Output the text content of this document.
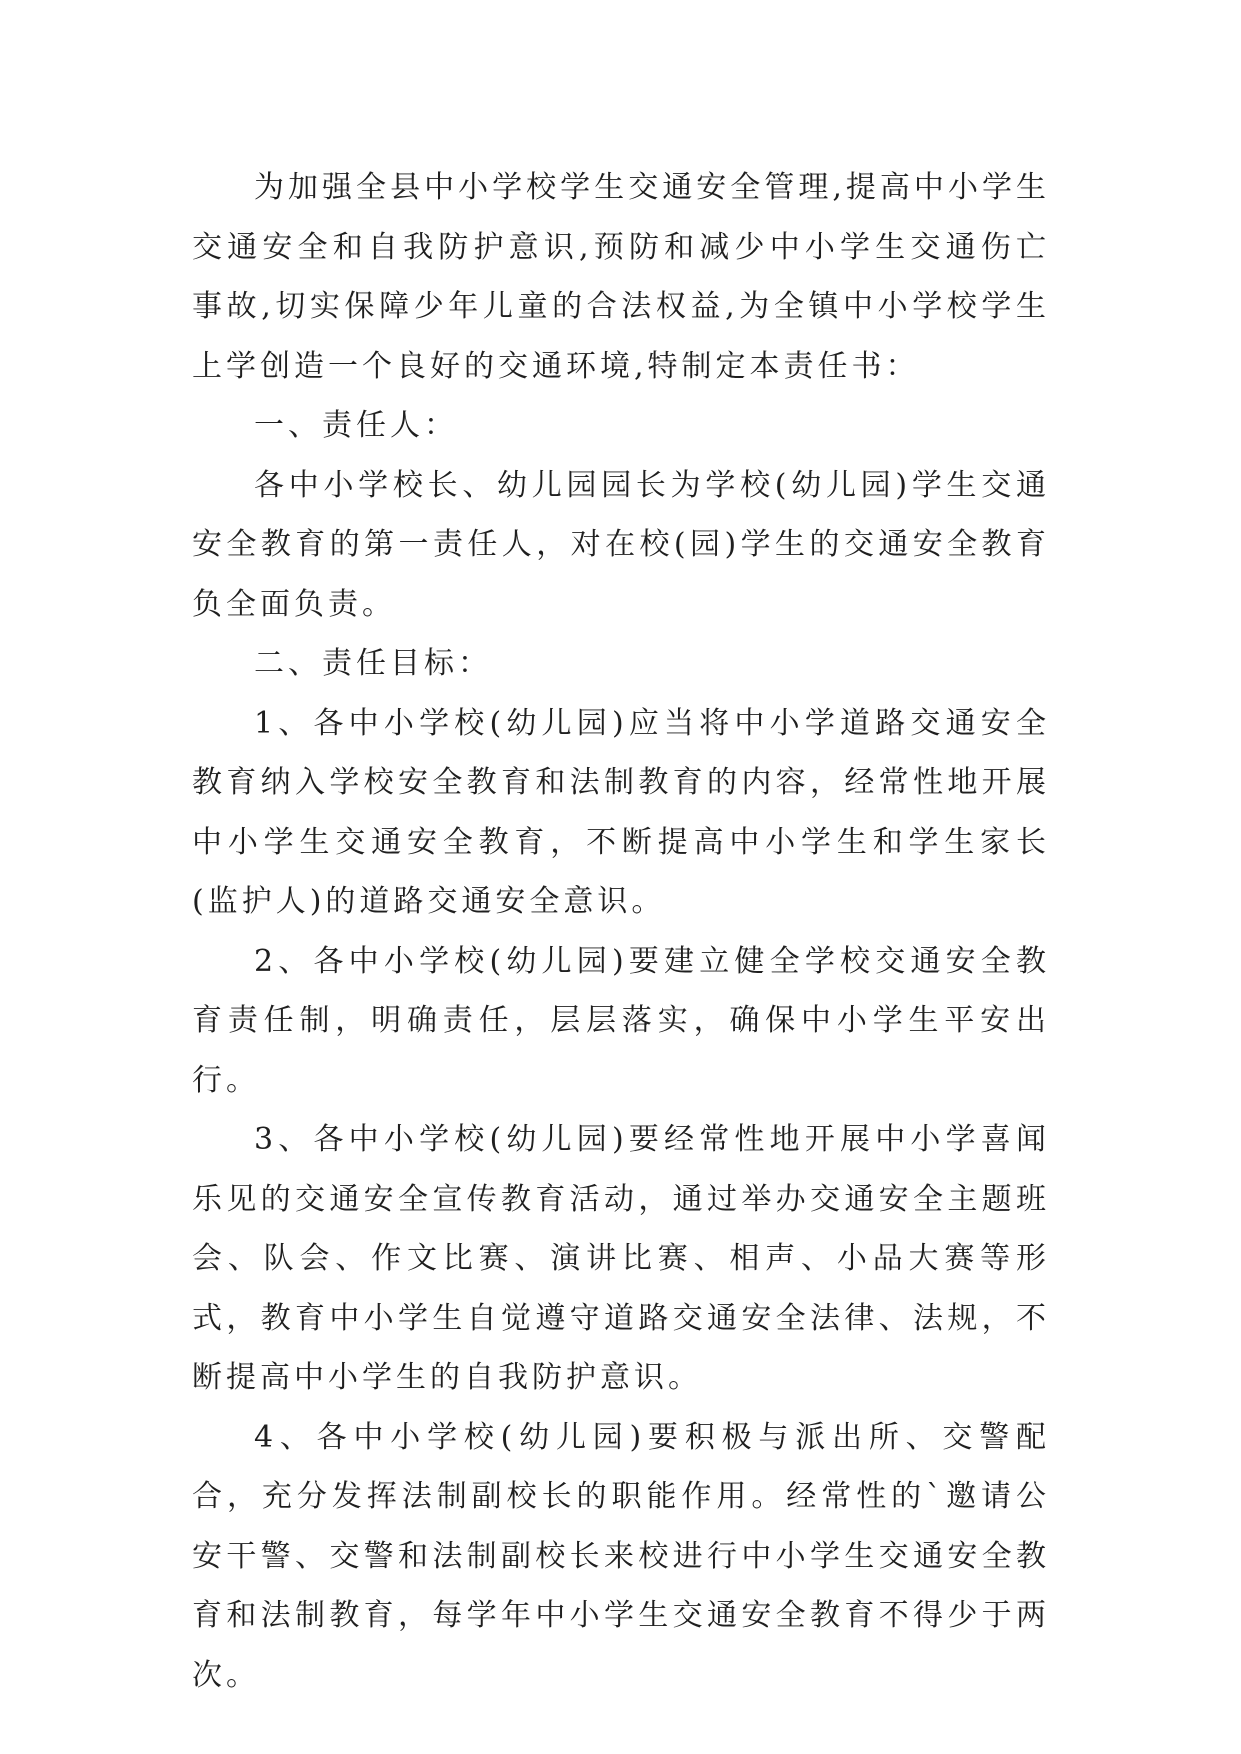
为加强全县中小学校学生交通安全管理,提高中小学生交通安全和自我防护意识,预防和减少中小学生交通伤亡事故,切实保障少年儿童的合法权益,为全镇中小学校学生上学创造一个良好的交通环境,特制定本责任书：

一、责任人：

各中小学校长、幼儿园园长为学校(幼儿园)学生交通安全教育的第一责任人，对在校(园)学生的交通安全教育负全面负责。

二、责任目标：

1、各中小学校(幼儿园)应当将中小学道路交通安全教育纳入学校安全教育和法制教育的内容，经常性地开展中小学生交通安全教育，不断提高中小学生和学生家长(监护人)的道路交通安全意识。

2、各中小学校(幼儿园)要建立健全学校交通安全教育责任制，明确责任，层层落实，确保中小学生平安出行。

3、各中小学校(幼儿园)要经常性地开展中小学喜闻乐见的交通安全宣传教育活动，通过举办交通安全主题班会、队会、作文比赛、演讲比赛、相声、小品大赛等形式，教育中小学生自觉遵守道路交通安全法律、法规，不断提高中小学生的自我防护意识。

4、各中小学校(幼儿园)要积极与派出所、交警配合，充分发挥法制副校长的职能作用。经常性的`邀请公安干警、交警和法制副校长来校进行中小学生交通安全教育和法制教育，每学年中小学生交通安全教育不得少于两次。
